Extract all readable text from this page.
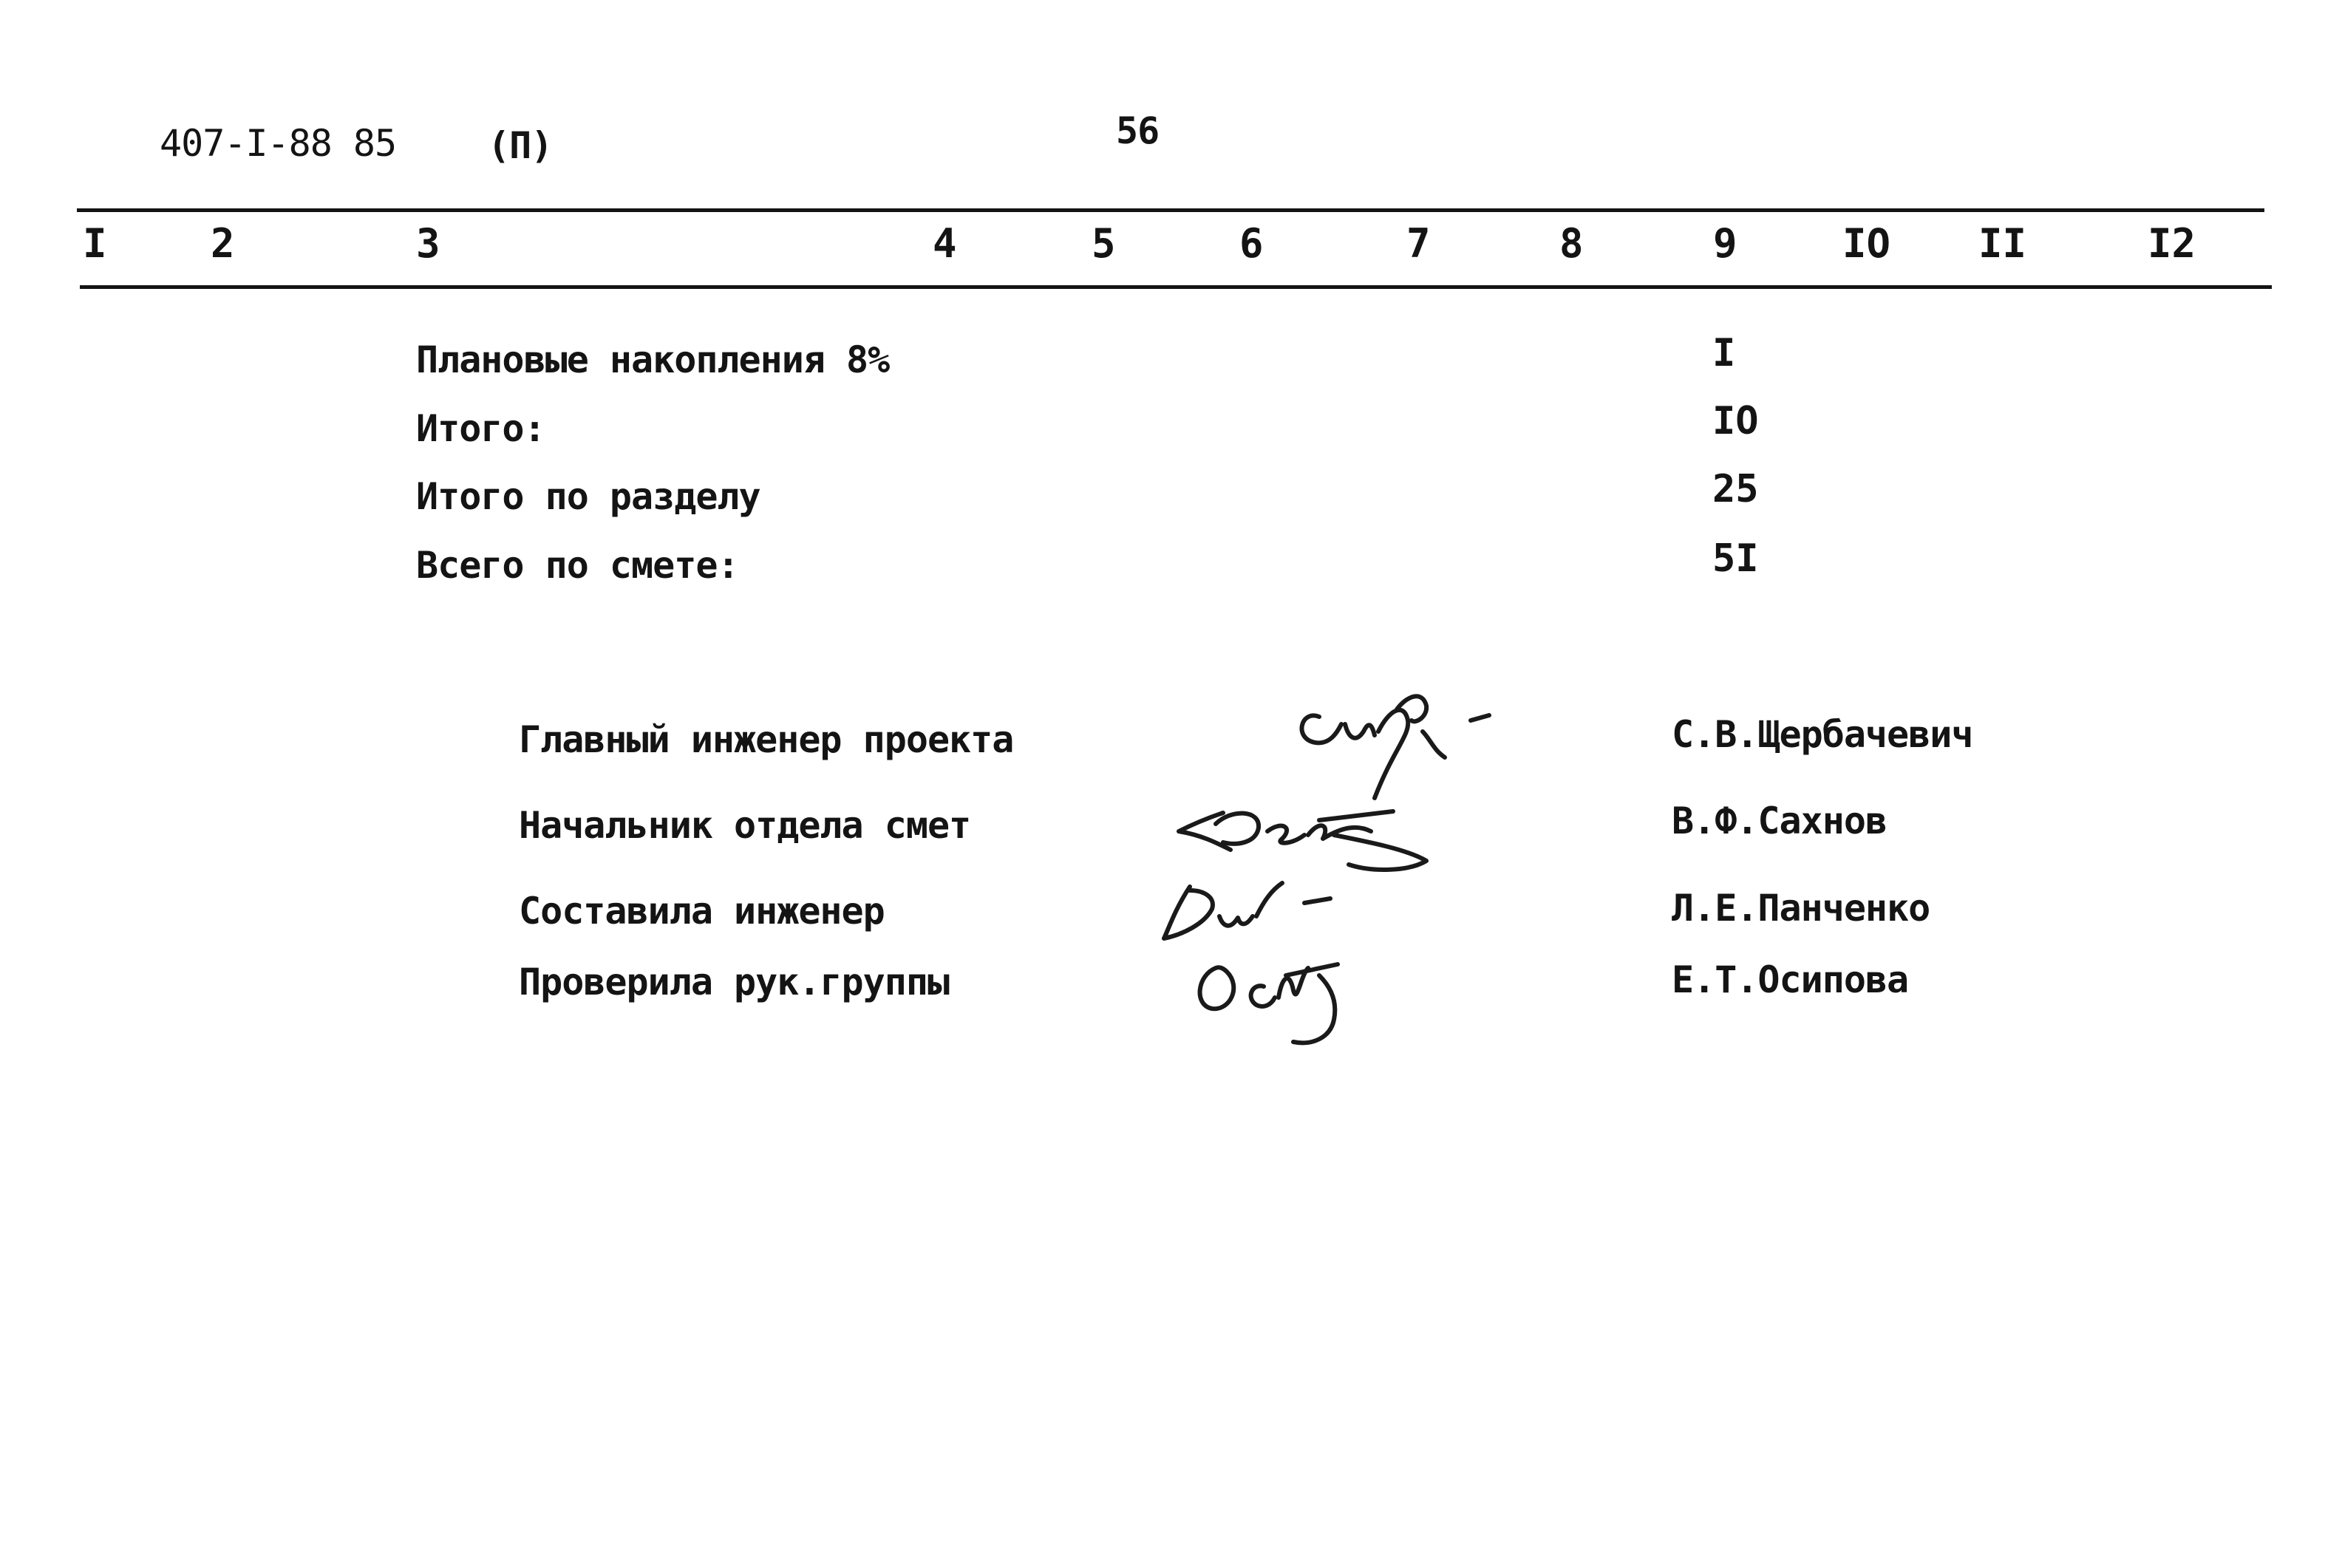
407-I-88 85 (П)	56
I	2	3	4	5	6	7	8	9	IO II	I2
Плановые накопления 8%	I
Итого:	IO
Итого по разделу	25
Всего по смете:	5I
Главный инженер проекта	С.В.Щербачевич
Начальник отдела смет	В.Ф.Сахнов
Составила инженер	Л.Е.Панченко
Проверила рук.группы	Е.Т.Осипова
